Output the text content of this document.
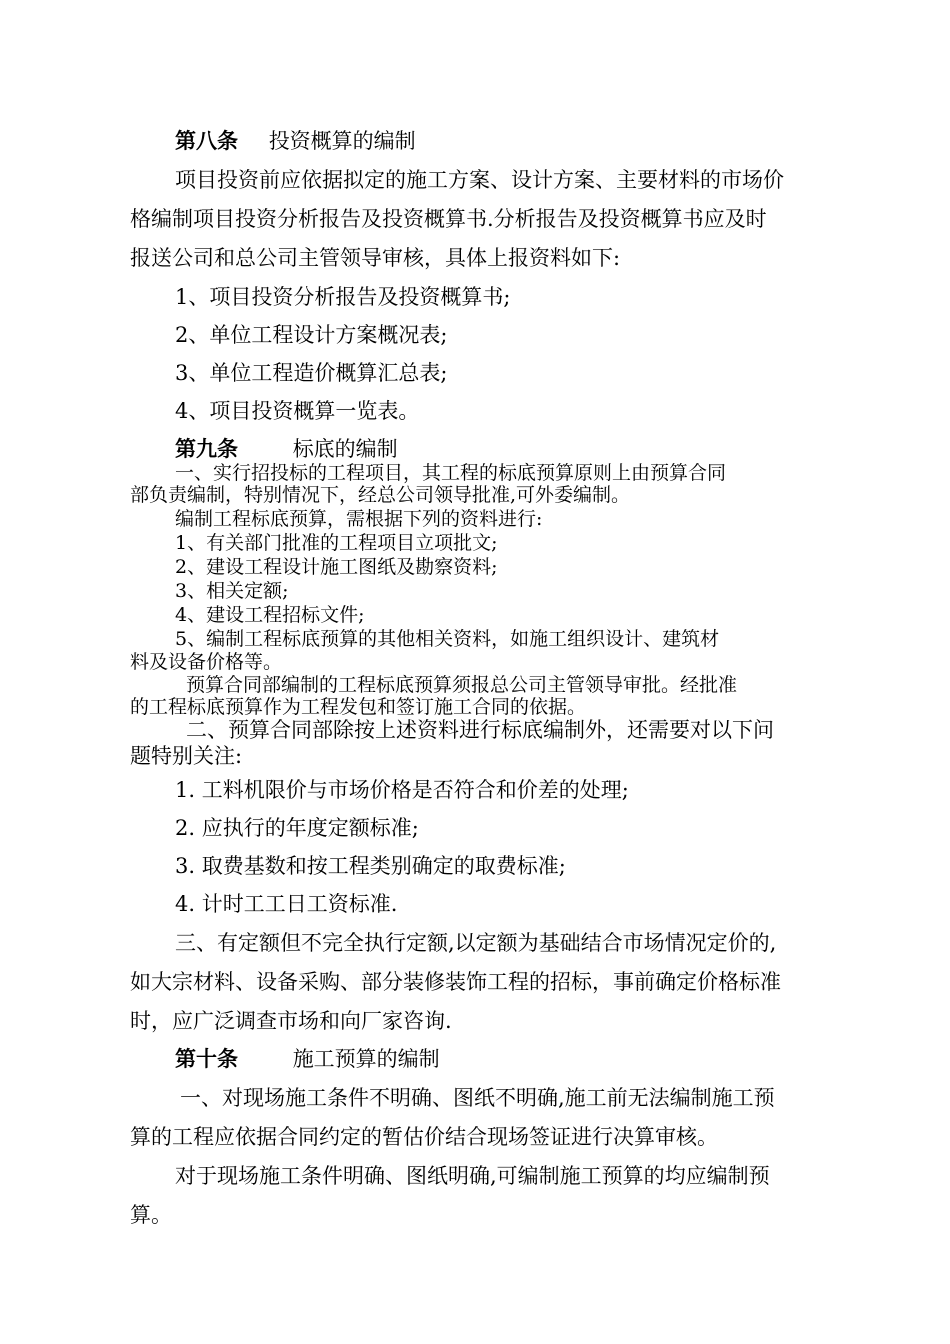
第八条 投资概算的编制
项目投资前应依据拟定的施工方案、设计方案、主要材料的市场价
格编制项目投资分析报告及投资概算书.分析报告及投资概算书应及时
报送公司和总公司主管领导审核，具体上报资料如下:
1、项目投资分析报告及投资概算书;
2、单位工程设计方案概况表;
3、单位工程造价概算汇总表;
4、项目投资概算一览表。
第九条	标底的编制
一、实行招投标的工程项目，其工程的标底预算原则上由预算合同
部负责编制，特别情况下，经总公司领导批准,可外委编制。
编制工程标底预算，需根据下列的资料进行:
1、有关部门批准的工程项目立项批文;
2、建设工程设计施工图纸及勘察资料;
3、相关定额;
4、建设工程招标文件;
5、编制工程标底预算的其他相关资料，如施工组织设计、建筑材
料及设备价格等。
预算合同部编制的工程标底预算须报总公司主管领导审批。经批准
的工程标底预算作为工程发包和签订施工合同的依据。
二、预算合同部除按上述资料进行标底编制外，还需要对以下问
题特别关注:
1. 工料机限价与市场价格是否符合和价差的处理;
2. 应执行的年度定额标准;
3. 取费基数和按工程类别确定的取费标准;
4. 计时工工日工资标准.
三、有定额但不完全执行定额,以定额为基础结合市场情况定价的,
如大宗材料、设备采购、部分装修装饰工程的招标，事前确定价格标准
时，应广泛调查市场和向厂家咨询.
第十条	施工预算的编制
一、对现场施工条件不明确、图纸不明确,施工前无法编制施工预
算的工程应依据合同约定的暂估价结合现场签证进行决算审核。
对于现场施工条件明确、图纸明确,可编制施工预算的均应编制预
算。
